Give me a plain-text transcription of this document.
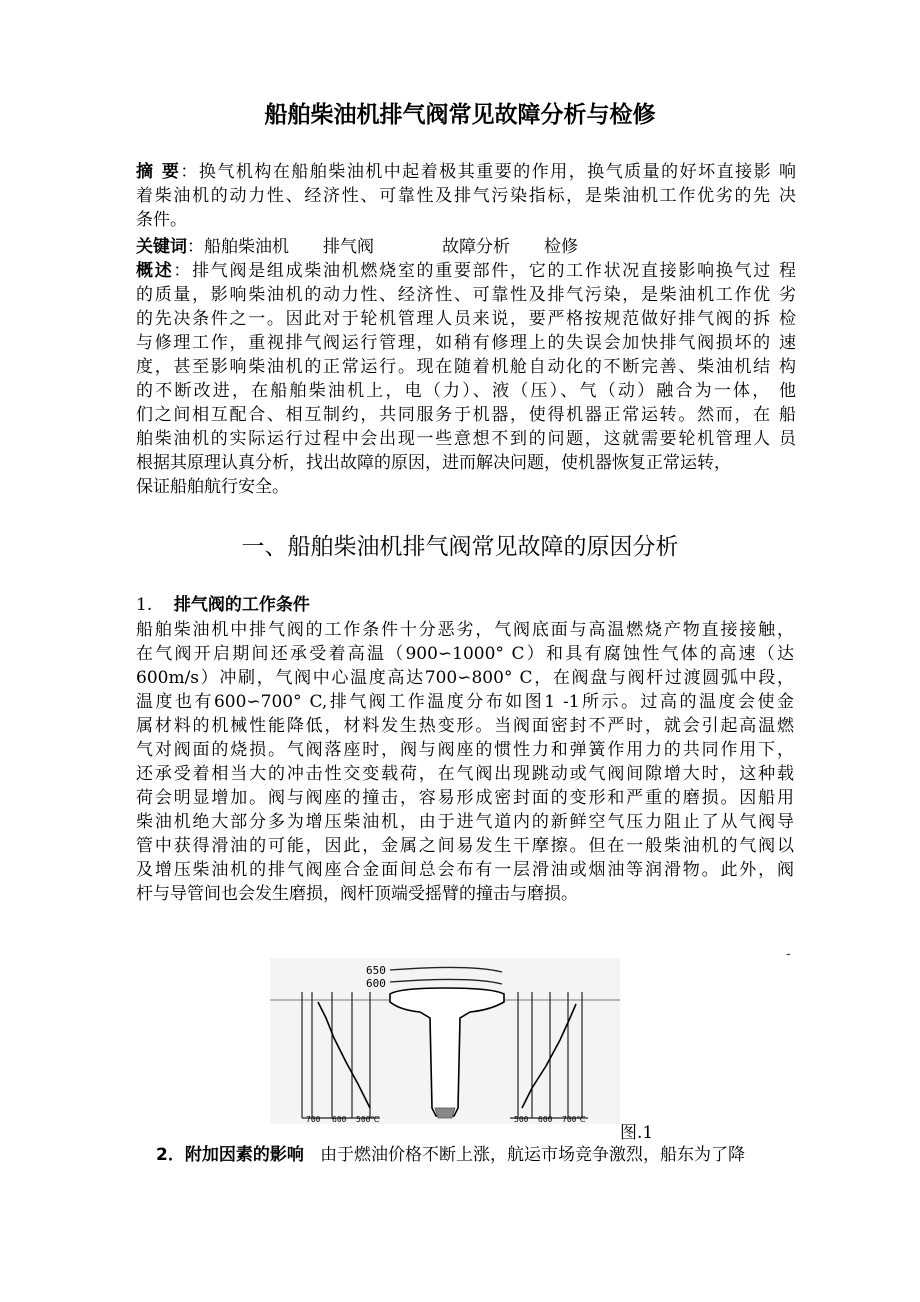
船舶柴油机排气阀常见故障分析与检修
摘 要：换气机构在船舶柴油机中起着极其重要的作用，换气质量的好坏直接影 响
着柴油机的动力性、经济性、可靠性及排气污染指标，是柴油机工作优劣的先 决
条件。
关键词：船舶柴油机 排气阀	故障分析 检修
概述：排气阀是组成柴油机燃烧室的重要部件，它的工作状况直接影响换气过 程
的质量，影响柴油机的动力性、经济性、可靠性及排气污染，是柴油机工作优 劣
的先决条件之一。因此对于轮机管理人员来说，要严格按规范做好排气阀的拆 检
与修理工作，重视排气阀运行管理，如稍有修理上的失误会加快排气阀损坏的 速
度，甚至影响柴油机的正常运行。现在随着机舱自动化的不断完善、柴油机结 构
的不断改进，在船舶柴油机上，电（力）、液（压）、气（动）融合为一体， 他
们之间相互配合、相互制约，共同服务于机器，使得机器正常运转。然而，在 船
舶柴油机的实际运行过程中会出现一些意想不到的问题，这就需要轮机管理人 员
根据其原理认真分析，找出故障的原因，进而解决问题，使机器恢复正常运转，
保证船舶航行安全。
一、船舶柴油机排气阀常见故障的原因分析
1. 排气阀的工作条件
船舶柴油机中排气阀的工作条件十分恶劣，气阀底面与高温燃烧产物直接接触，
在气阀开启期间还承受着高温（900∽1000° C）和具有腐蚀性气体的高速（达
600m/s）冲刷，气阀中心温度高达700∽800° C，在阀盘与阀杆过渡圆弧中段，
温度也有600∽700° C,排气阀工作温度分布如图1 -1所示。过高的温度会使金
属材料的机械性能降低，材料发生热变形。当阀面密封不严时，就会引起高温燃
气对阀面的烧损。气阀落座时，阀与阀座的惯性力和弹簧作用力的共同作用下，
还承受着相当大的冲击性交变载荷，在气阀出现跳动或气阀间隙增大时，这种载
荷会明显增加。阀与阀座的撞击，容易形成密封面的变形和严重的磨损。因船用
柴油机绝大部分多为增压柴油机，由于进气道内的新鲜空气压力阻止了从气阀导
管中获得滑油的可能，因此，金属之间易发生干摩擦。但在一般柴油机的气阀以
及增压柴油机的排气阀座合金面间总会布有一层滑油或烟油等润滑物。此外，阀
杆与导管间也会发生磨损，阀杆顶端受摇臂的撞击与磨损。
-
650
600
700 600 500℃	500 600 700℃
图.1
2．附加因素的影响 由于燃油价格不断上涨，航运市场竞争激烈，船东为了降
